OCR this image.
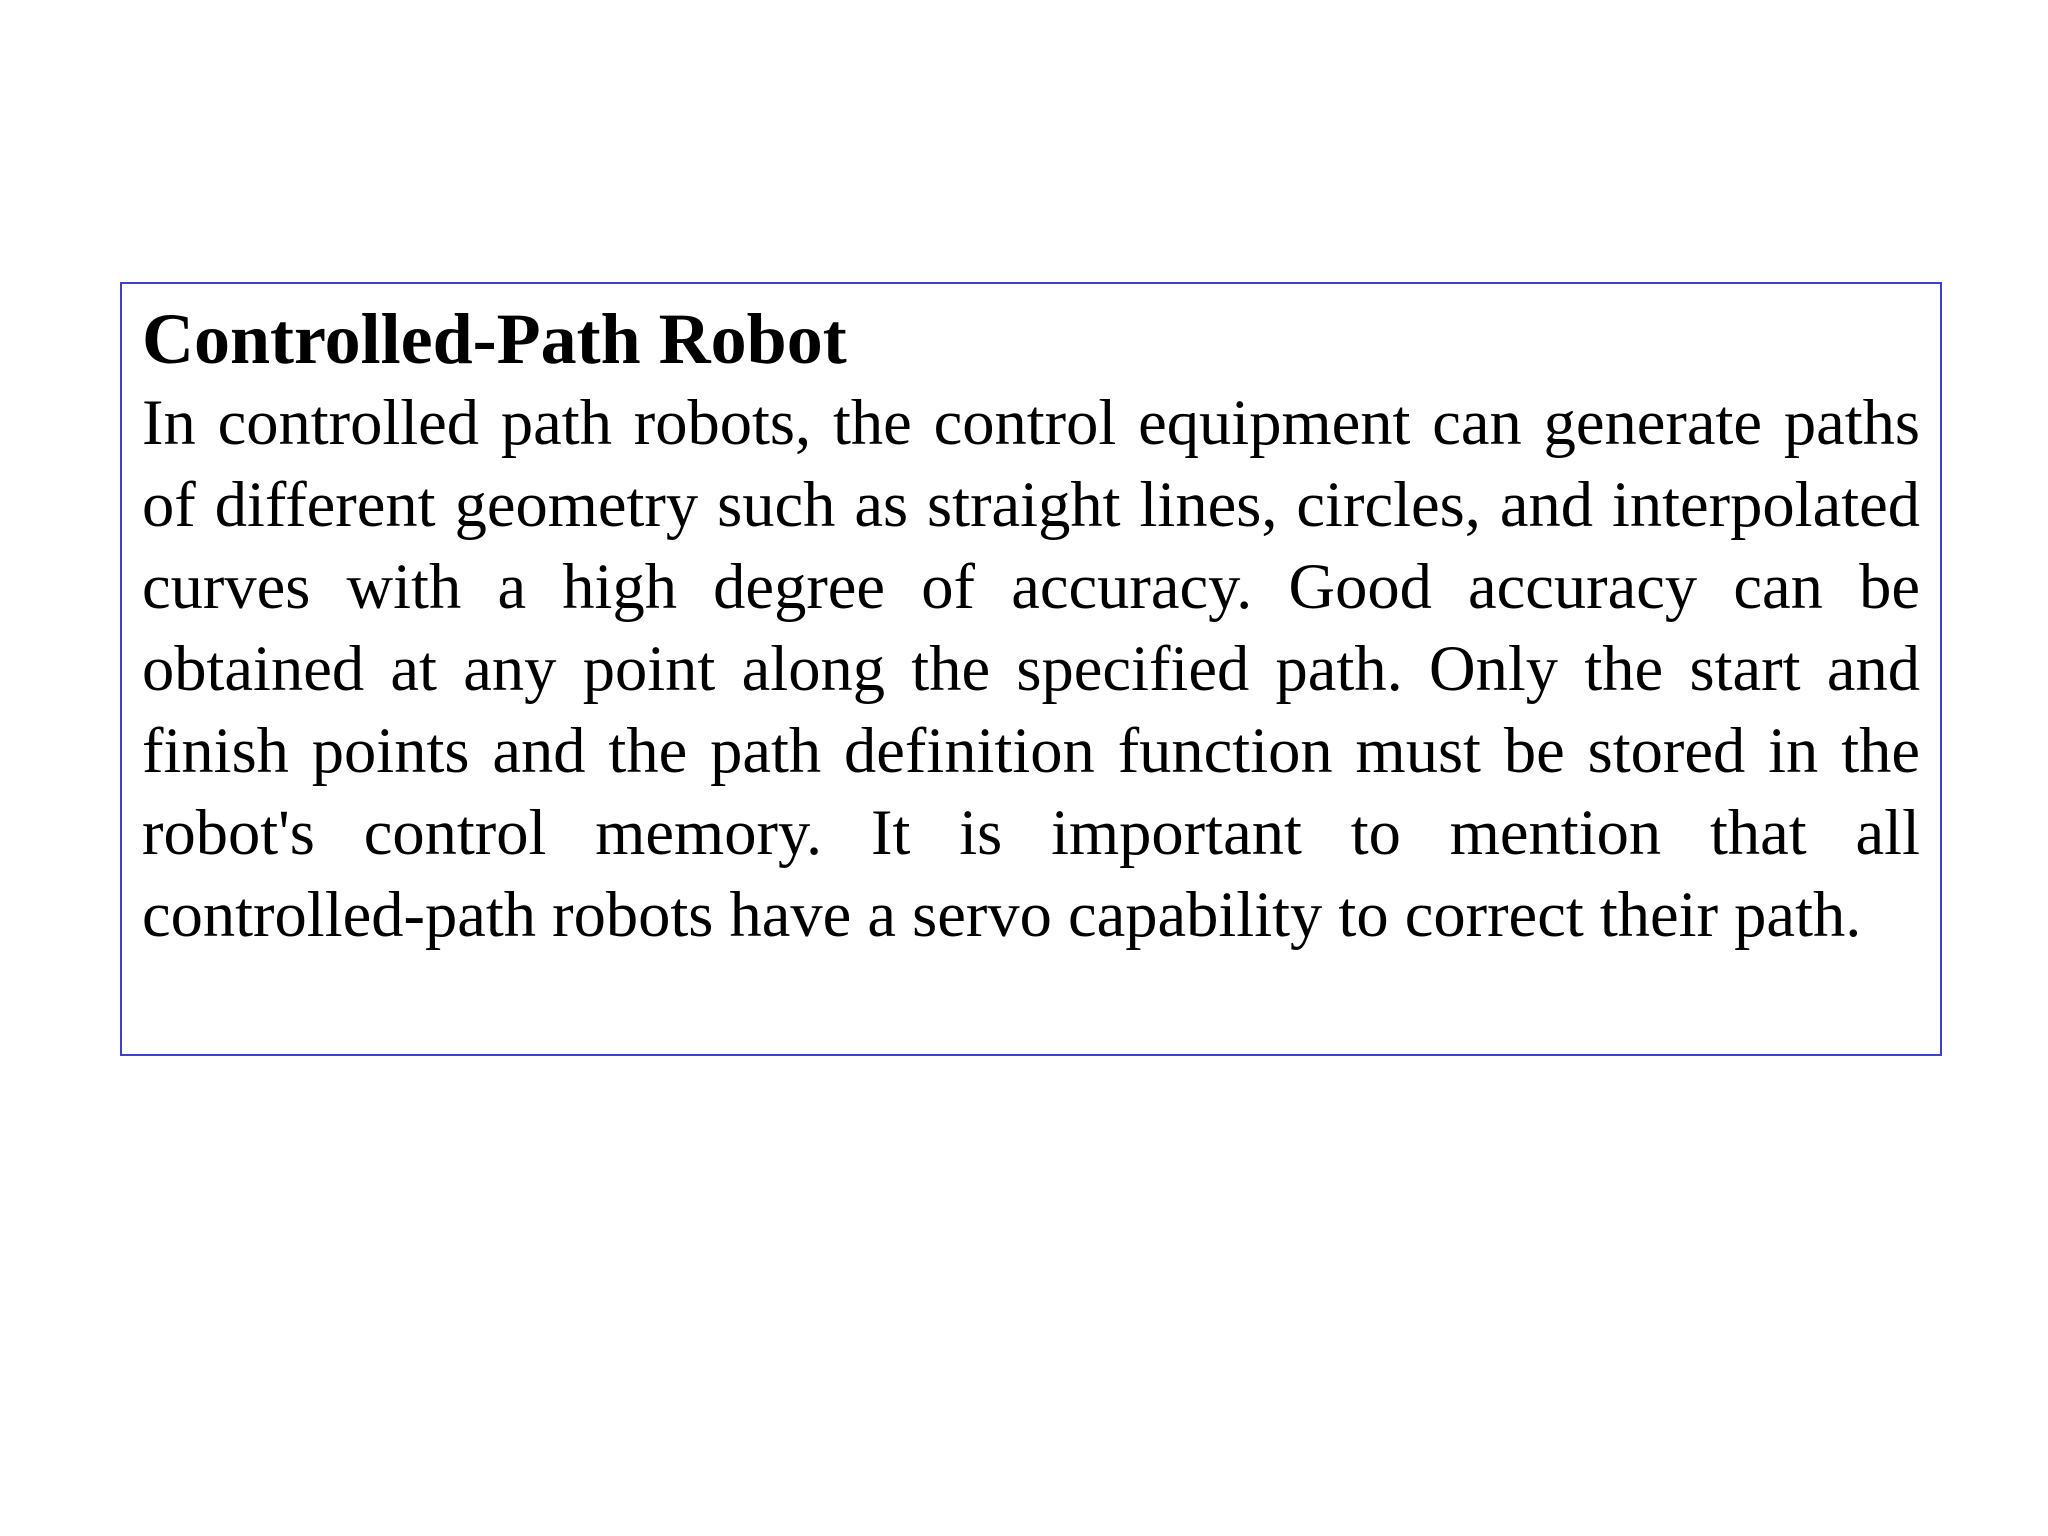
Controlled-Path Robot

In controlled path robots, the control equipment can generate paths of different geometry such as straight lines, circles, and interpolated curves with a high degree of accuracy. Good accuracy can be obtained at any point along the specified path. Only the start and finish points and the path definition function must be stored in the robot's control memory. It is important to mention that all controlled-path robots have a servo capability to correct their path.
